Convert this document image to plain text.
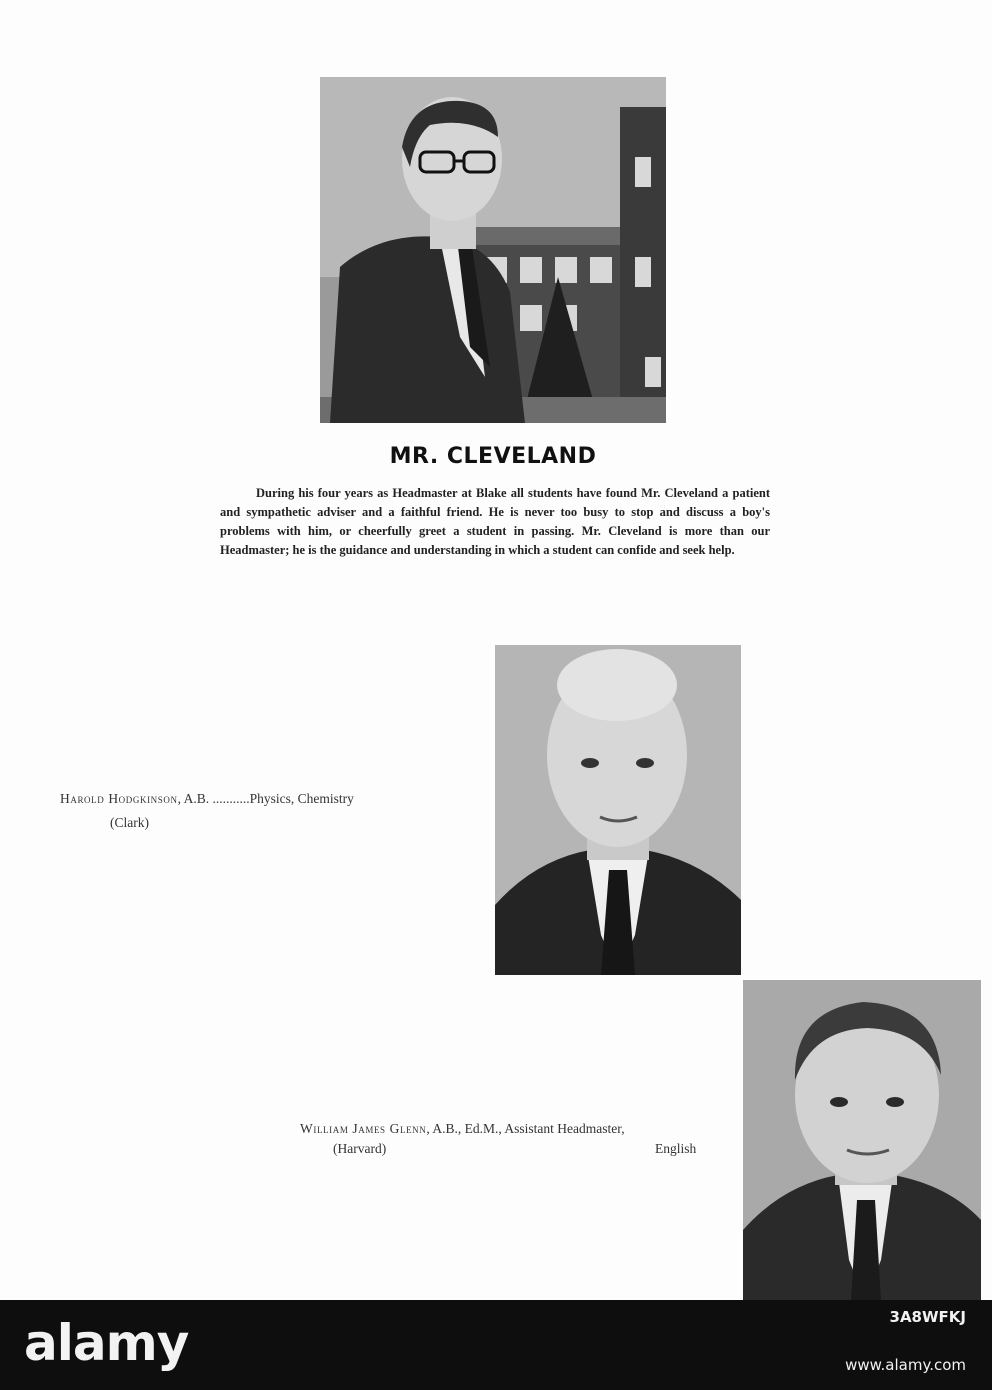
MR. CLEVELAND
During his four years as Headmaster at Blake all students have found Mr. Cleveland a patient and sympathetic adviser and a faithful friend. He is never too busy to stop and discuss a boy's problems with him, or cheerfully greet a student in passing. Mr. Cleveland is more than our Headmaster; he is the guidance and understanding in which a student can confide and seek help.
Harold Hodgkinson, A.B. ...........Physics, Chemistry
(Clark)
William James Glenn, A.B., Ed.M., Assistant Headmaster,
(Harvard)	English
alamy	3A8WFKJ
www.alamy.com
